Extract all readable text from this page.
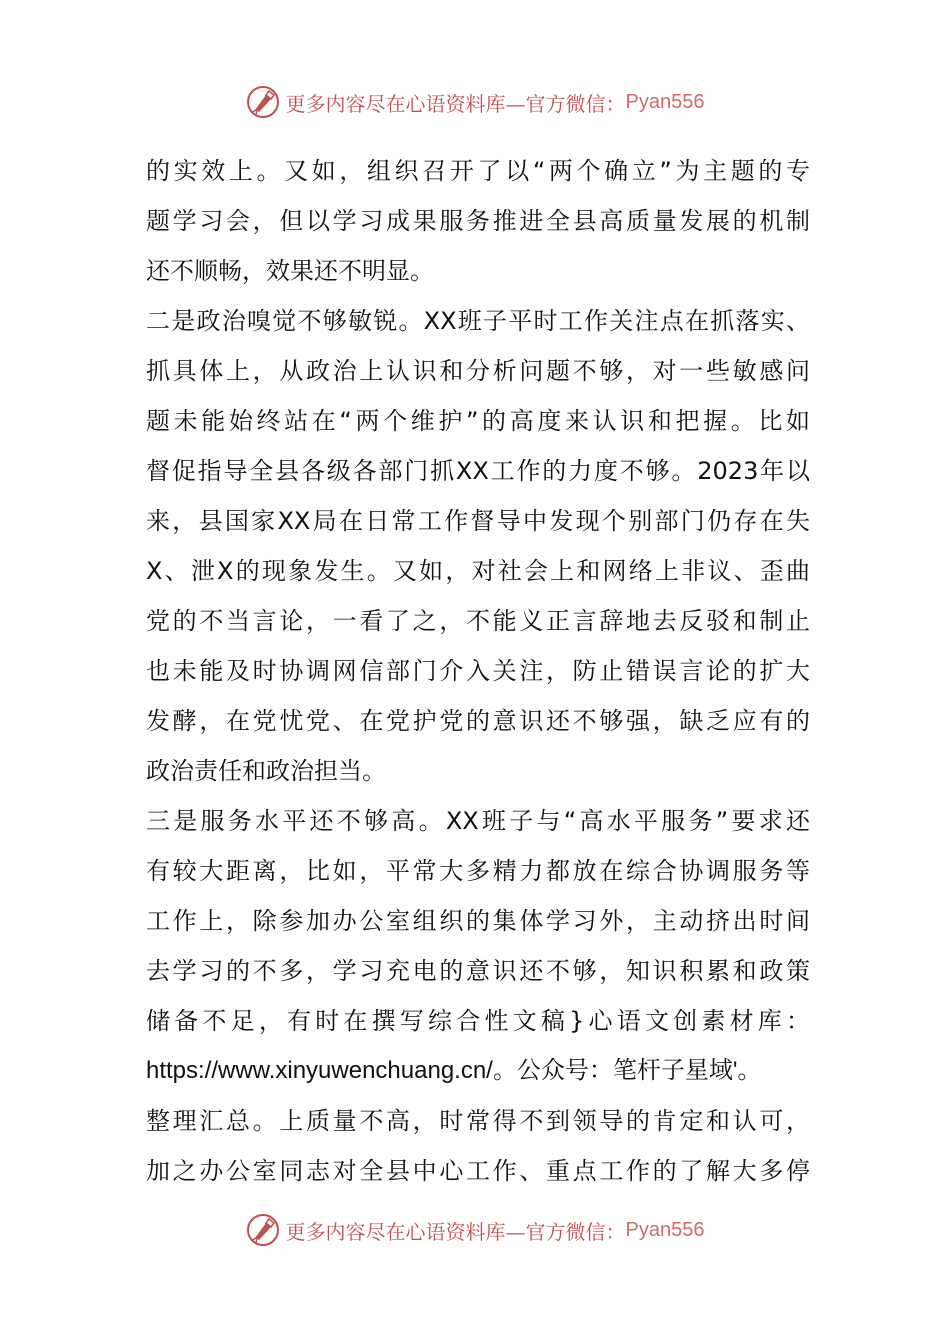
更多内容尽在心语资料库—官方微信： Pyan556
的实效上。又如，组织召开了以“两个确立”为主题的专
题学习会，但以学习成果服务推进全县高质量发展的机制
还不顺畅，效果还不明显。
二是政治嗅觉不够敏锐。XX班子平时工作关注点在抓落实、
抓具体上，从政治上认识和分析问题不够，对一些敏感问
题未能始终站在“两个维护”的高度来认识和把握。比如
督促指导全县各级各部门抓XX工作的力度不够。2023年以
来，县国家XX局在日常工作督导中发现个别部门仍存在失
X、泄X的现象发生。又如，对社会上和网络上非议、歪曲
党的不当言论，一看了之，不能义正言辞地去反驳和制止
也未能及时协调网信部门介入关注，防止错误言论的扩大
发酵，在党忧党、在党护党的意识还不够强，缺乏应有的
政治责任和政治担当。
三是服务水平还不够高。XX班子与“高水平服务”要求还
有较大距离，比如，平常大多精力都放在综合协调服务等
工作上，除参加办公室组织的集体学习外，主动挤出时间
去学习的不多，学习充电的意识还不够，知识积累和政策
储备不足，有时在撰写综合性文稿}心语文创素材库：
https://www.xinyuwenchuang.cn/。公众号：笔杆子星域'。
整理汇总。上质量不高，时常得不到领导的肯定和认可，
加之办公室同志对全县中心工作、重点工作的了解大多停
更多内容尽在心语资料库—官方微信： Pyan556
